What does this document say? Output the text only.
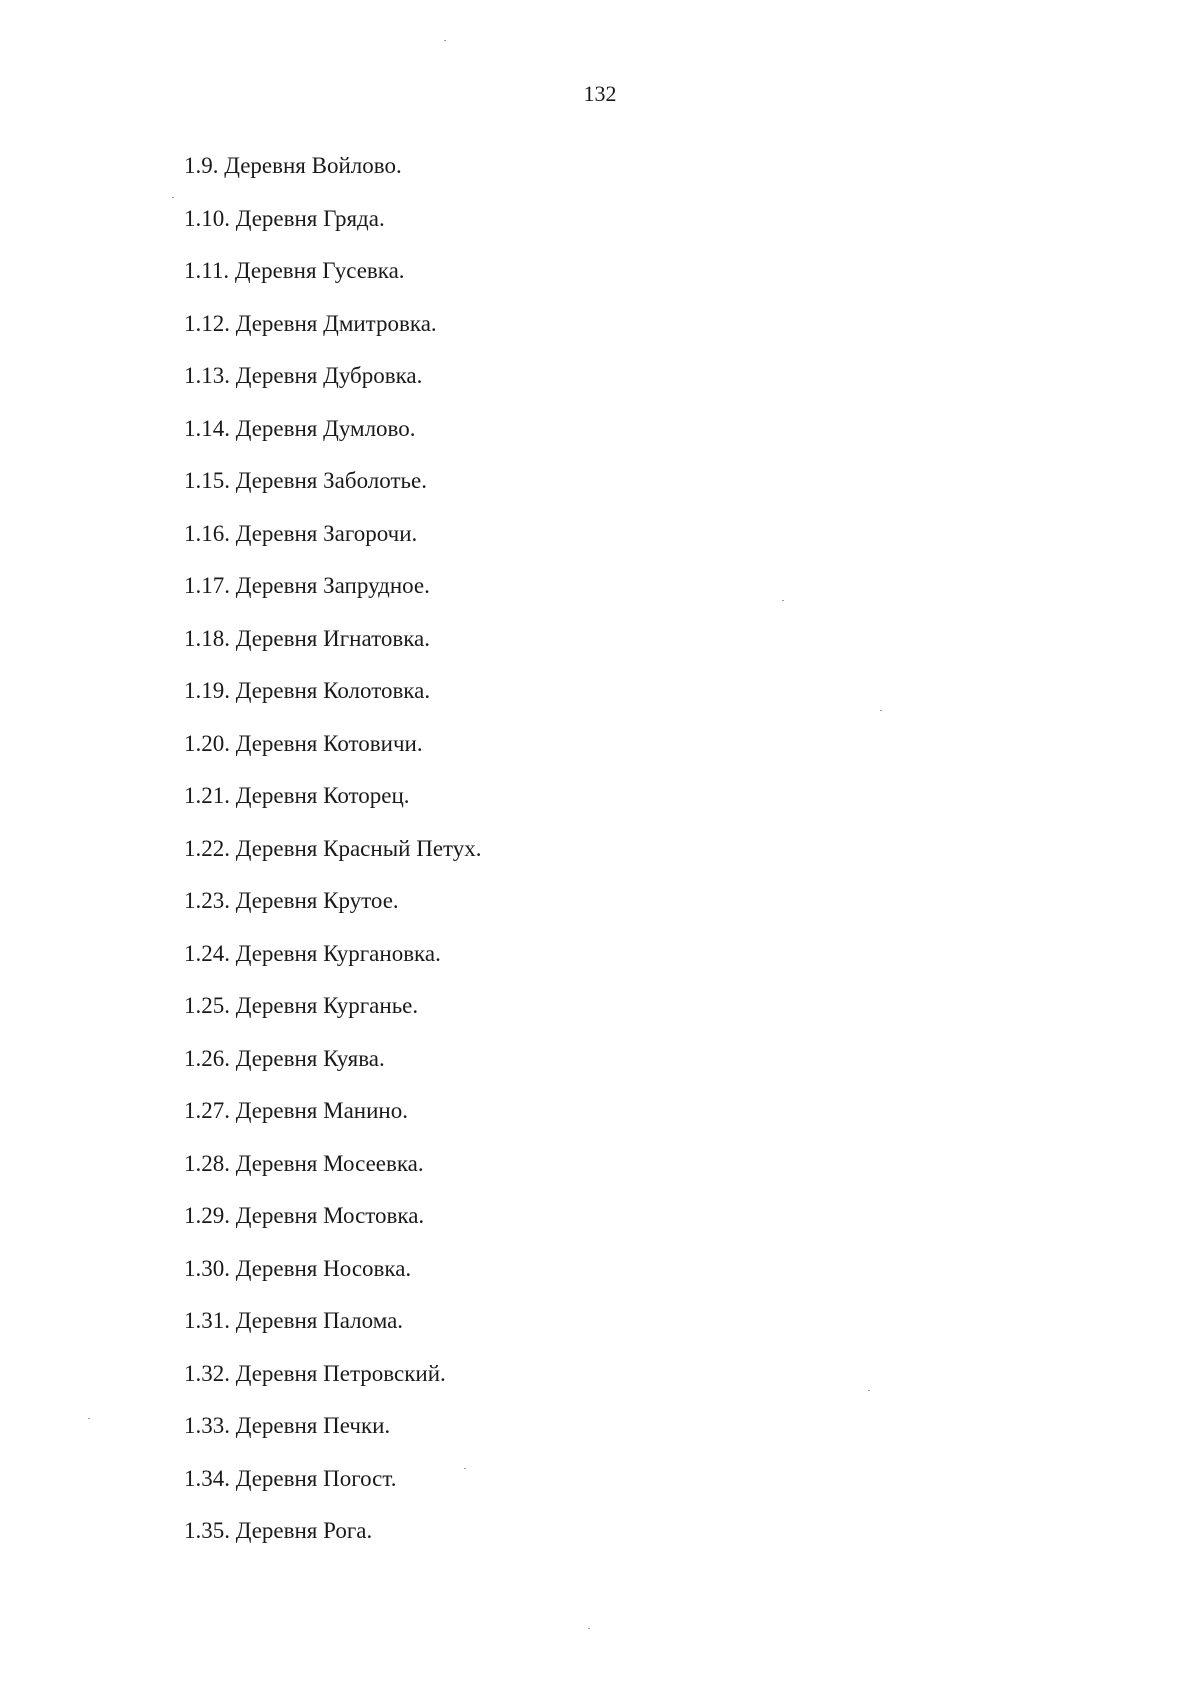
132
1.9. Деревня Войлово.
1.10. Деревня Гряда.
1.11. Деревня Гусевка.
1.12. Деревня Дмитровка.
1.13. Деревня Дубровка.
1.14. Деревня Думлово.
1.15. Деревня Заболотье.
1.16. Деревня Загорочи.
1.17. Деревня Запрудное.
1.18. Деревня Игнатовка.
1.19. Деревня Колотовка.
1.20. Деревня Котовичи.
1.21. Деревня Которец.
1.22. Деревня Красный Петух.
1.23. Деревня Крутое.
1.24. Деревня Кургановка.
1.25. Деревня Курганье.
1.26. Деревня Куява.
1.27. Деревня Манино.
1.28. Деревня Мосеевка.
1.29. Деревня Мостовка.
1.30. Деревня Носовка.
1.31. Деревня Палома.
1.32. Деревня Петровский.
1.33. Деревня Печки.
1.34. Деревня Погост.
1.35. Деревня Рога.
